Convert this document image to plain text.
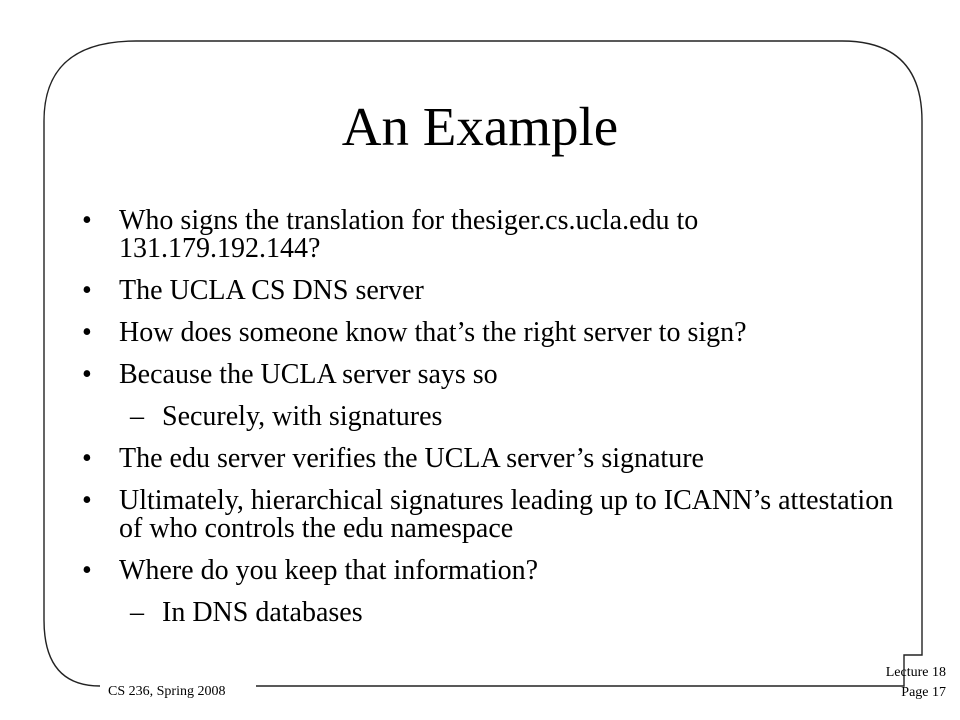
An Example
• Who signs the translation for thesiger.cs.ucla.edu to 131.179.192.144?
• The UCLA CS DNS server
• How does someone know that’s the right server to sign?
• Because the UCLA server says so
– Securely, with signatures
• The edu server verifies the UCLA server’s signature
• Ultimately, hierarchical signatures leading up to ICANN’s attestation of who controls the edu namespace
• Where do you keep that information?
– In DNS databases
CS 236, Spring 2008
Lecture 18
Page 17
